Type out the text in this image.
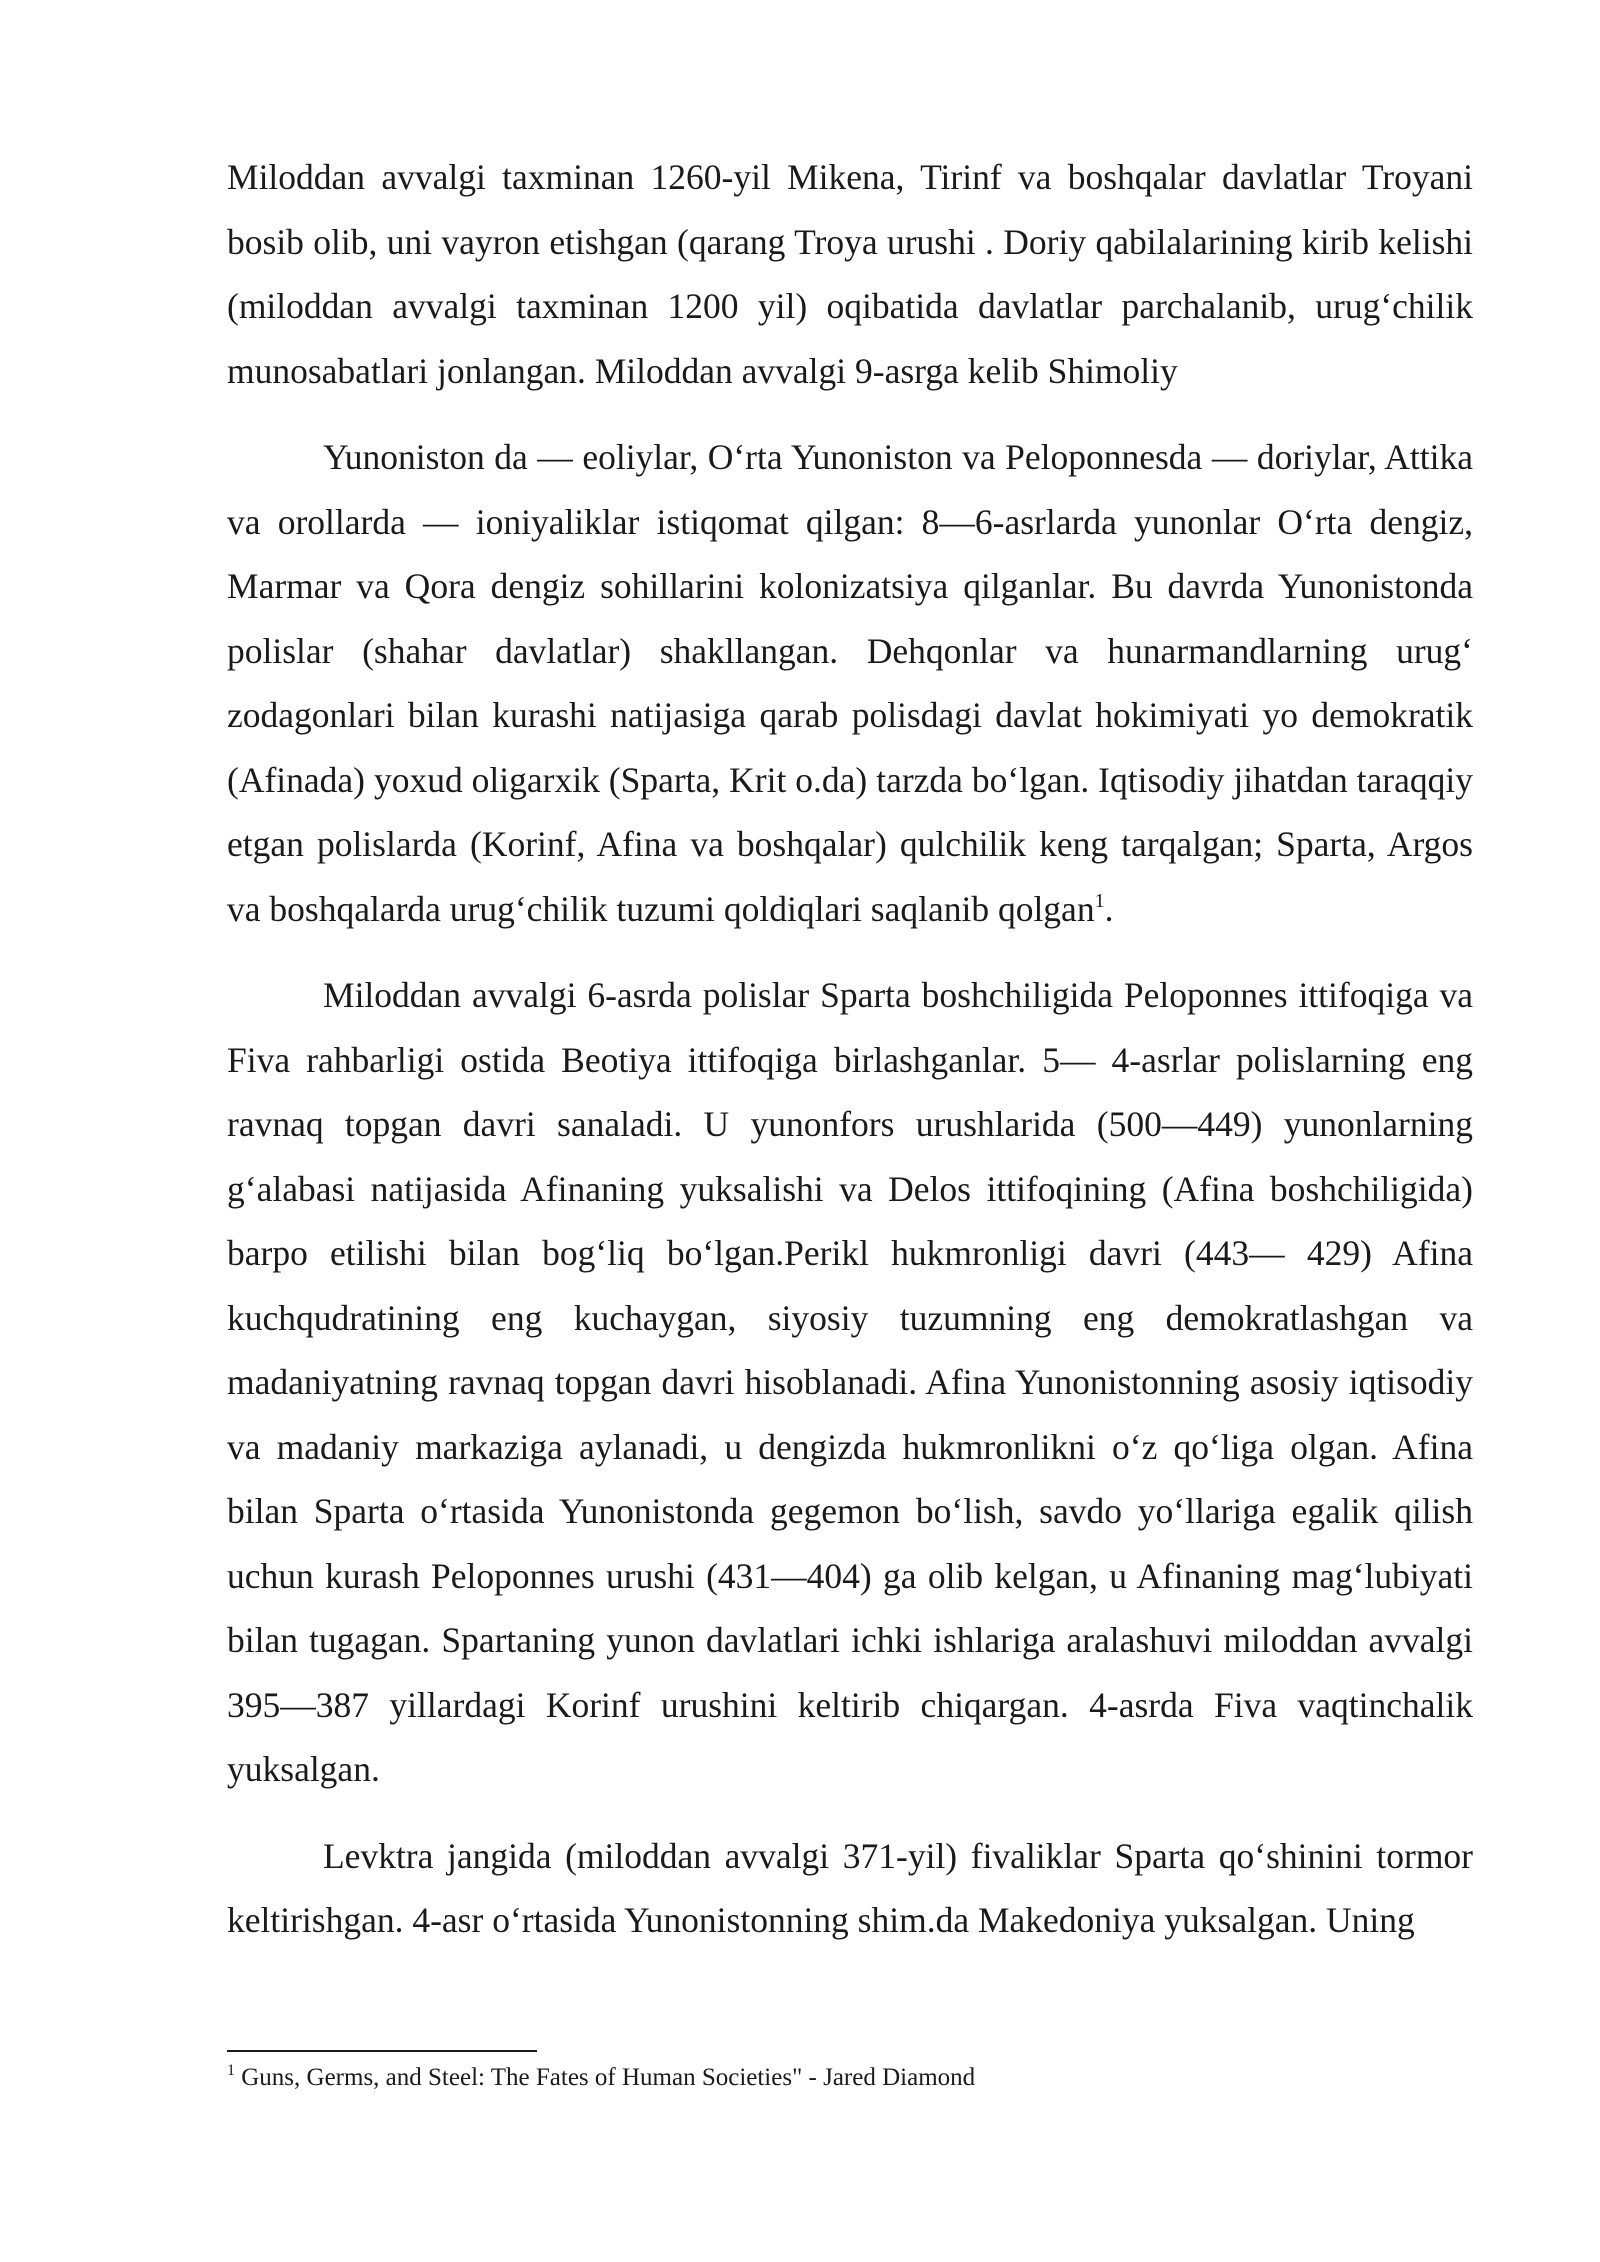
Miloddan avvalgi taxminan 1260-yil Mikena, Tirinf va boshqalar davlatlar Troyani bosib olib, uni vayron etishgan (qarang Troya urushi . Doriy qabilalarining kirib kelishi (miloddan avvalgi taxminan 1200 yil) oqibatida davlatlar parchalanib, urug‘chilik munosabatlari jonlangan. Miloddan avvalgi 9-asrga kelib Shimoliy

Yunoniston da — eoliylar, O‘rta Yunoniston va Peloponnesda — doriylar, Attika va orollarda — ioniyaliklar istiqomat qilgan: 8—6-asrlarda yunonlar O‘rta dengiz, Marmar va Qora dengiz sohillarini kolonizatsiya qilganlar. Bu davrda Yunonistonda polislar (shahar davlatlar) shakllangan. Dehqonlar va hunarmandlarning urug‘ zodagonlari bilan kurashi natijasiga qarab polisdagi davlat hokimiyati yo demokratik (Afinada) yoxud oligarxik (Sparta, Krit o.da) tarzda bo‘lgan. Iqtisodiy jihatdan taraqqiy etgan polislarda (Korinf, Afina va boshqalar) qulchilik keng tarqalgan; Sparta, Argos va boshqalarda urug‘chilik tuzumi qoldiqlari saqlanib qolgan$^1$.

Miloddan avvalgi 6-asrda polislar Sparta boshchiligida Peloponnes ittifoqiga va Fiva rahbarligi ostida Beotiya ittifoqiga birlashganlar. 5— 4-asrlar polislarning eng ravnaq topgan davri sanaladi. U yunonfors urushlarida (500—449) yunonlarning g‘alabasi natijasida Afinaning yuksalishi va Delos ittifoqining (Afina boshchiligida) barpo etilishi bilan bog‘liq bo‘lgan.Perikl hukmronligi davri (443— 429) Afina kuchqudratining eng kuchaygan, siyosiy tuzumning eng demokratlashgan va madaniyatning ravnaq topgan davri hisoblanadi. Afina Yunonistonning asosiy iqtisodiy va madaniy markaziga aylanadi, u dengizda hukmronlikni o‘z qo‘liga olgan. Afina bilan Sparta o‘rtasida Yunonistonda gegemon bo‘lish, savdo yo‘llariga egalik qilish uchun kurash Peloponnes urushi (431—404) ga olib kelgan, u Afinaning mag‘lubiyati bilan tugagan. Spartaning yunon davlatlari ichki ishlariga aralashuvi miloddan avvalgi 395—387 yillardagi Korinf urushini keltirib chiqargan. 4-asrda Fiva vaqtinchalik yuksalgan.

Levktra jangida (miloddan avvalgi 371-yil) fivaliklar Sparta qo‘shinini tormor keltirishgan. 4-asr o‘rtasida Yunonistonning shim.da Makedoniya yuksalgan. Uning

$^1$ Guns, Germs, and Steel: The Fates of Human Societies" - Jared Diamond
